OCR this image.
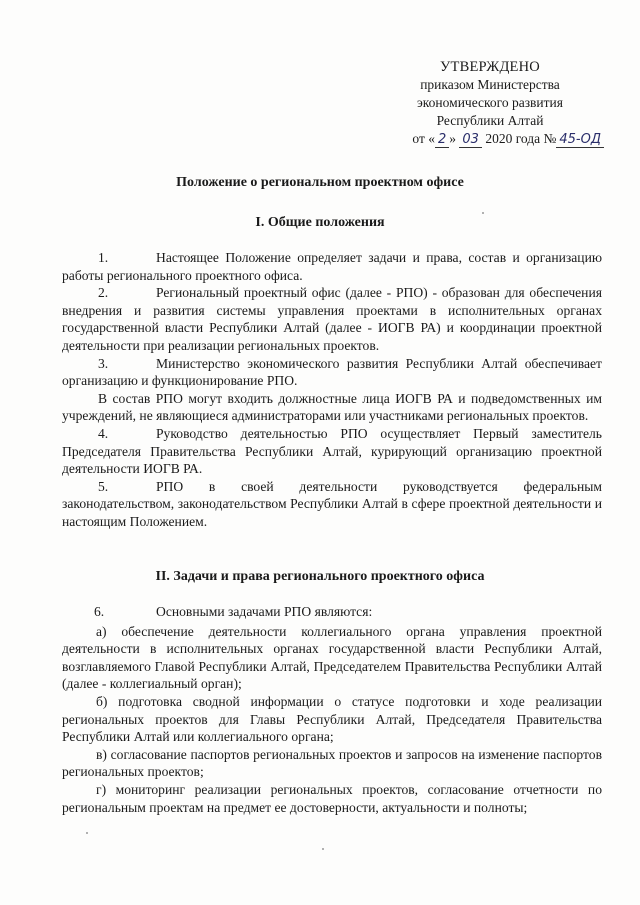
УТВЕРЖДЕНО
приказом Министерства
экономического развития
Республики Алтай
от « 2 » 03 2020 года № 45-ОД
Положение о региональном проектном офисе
I. Общие положения

1.	Настоящее Положение определяет задачи и права, состав и организацию работы регионального проектного офиса.

2.	Региональный проектный офис (далее - РПО) - образован для обеспечения внедрения и развития системы управления проектами в исполнительных органах государственной власти Республики Алтай (далее - ИОГВ РА) и координации проектной деятельности при реализации региональных проектов.

3.	Министерство экономического развития Республики Алтай обеспечивает организацию и функционирование РПО.

В состав РПО могут входить должностные лица ИОГВ РА и подведомственных им учреждений, не являющиеся администраторами или участниками региональных проектов.

4.	Руководство деятельностью РПО осуществляет Первый заместитель Председателя Правительства Республики Алтай, курирующий организацию проектной деятельности ИОГВ РА.

5.	РПО в своей деятельности руководствуется федеральным законодательством, законодательством Республики Алтай в сфере проектной деятельности и настоящим Положением.

II. Задачи и права регионального проектного офиса

6.	Основными задачами РПО являются:

а) обеспечение деятельности коллегиального органа управления проектной деятельности в исполнительных органах государственной власти Республики Алтай, возглавляемого Главой Республики Алтай, Председателем Правительства Республики Алтай (далее - коллегиальный орган);

б) подготовка сводной информации о статусе подготовки и ходе реализации региональных проектов для Главы Республики Алтай, Председателя Правительства Республики Алтай или коллегиального органа;

в) согласование паспортов региональных проектов и запросов на изменение паспортов региональных проектов;

г) мониторинг реализации региональных проектов, согласование отчетности по региональным проектам на предмет ее достоверности, актуальности и полноты;
